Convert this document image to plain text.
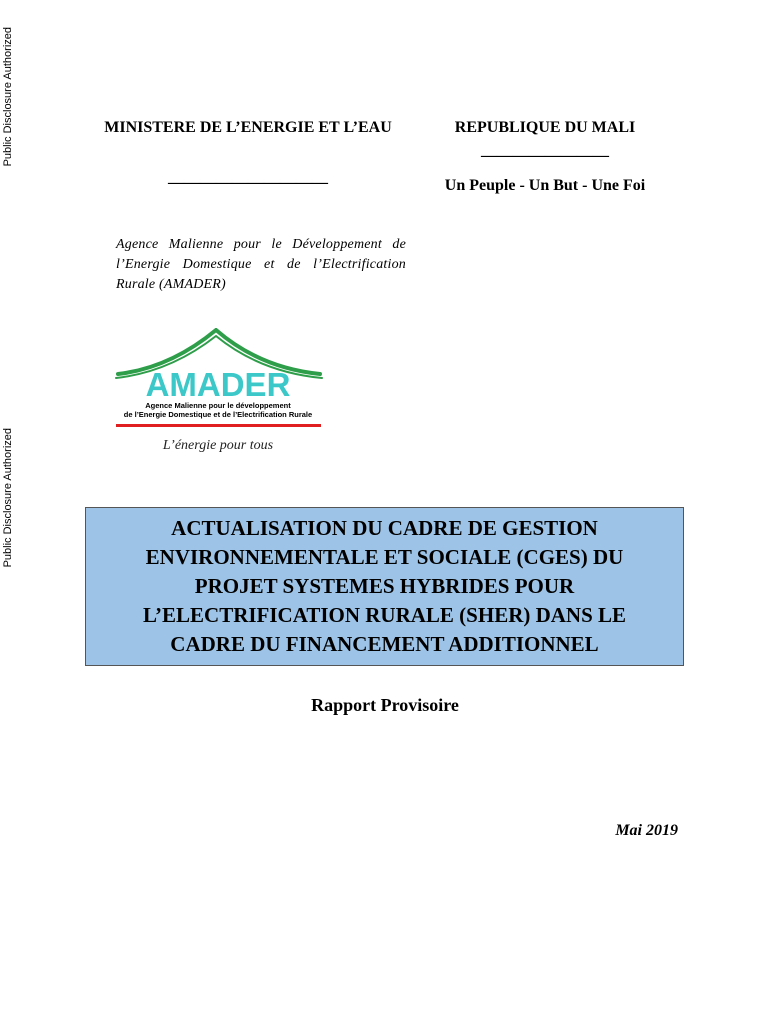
Public Disclosure Authorized
Public Disclosure Authorized
MINISTERE DE L’ENERGIE ET L’EAU
——————————
REPUBLIQUE DU MALI
————————
Un Peuple - Un But - Une Foi
Agence Malienne pour le Développement de l’Energie Domestique et de l’Electrification Rurale (AMADER)
AMADER
Agence Malienne pour le développement
de l’Energie Domestique et de l’Electrification Rurale
L’énergie pour tous

ACTUALISATION DU CADRE DE GESTION ENVIRONNEMENTALE ET SOCIALE (CGES) DU PROJET SYSTEMES HYBRIDES POUR L’ELECTRIFICATION RURALE (SHER) DANS LE CADRE DU FINANCEMENT ADDITIONNEL

Rapport Provisoire
Mai 2019
